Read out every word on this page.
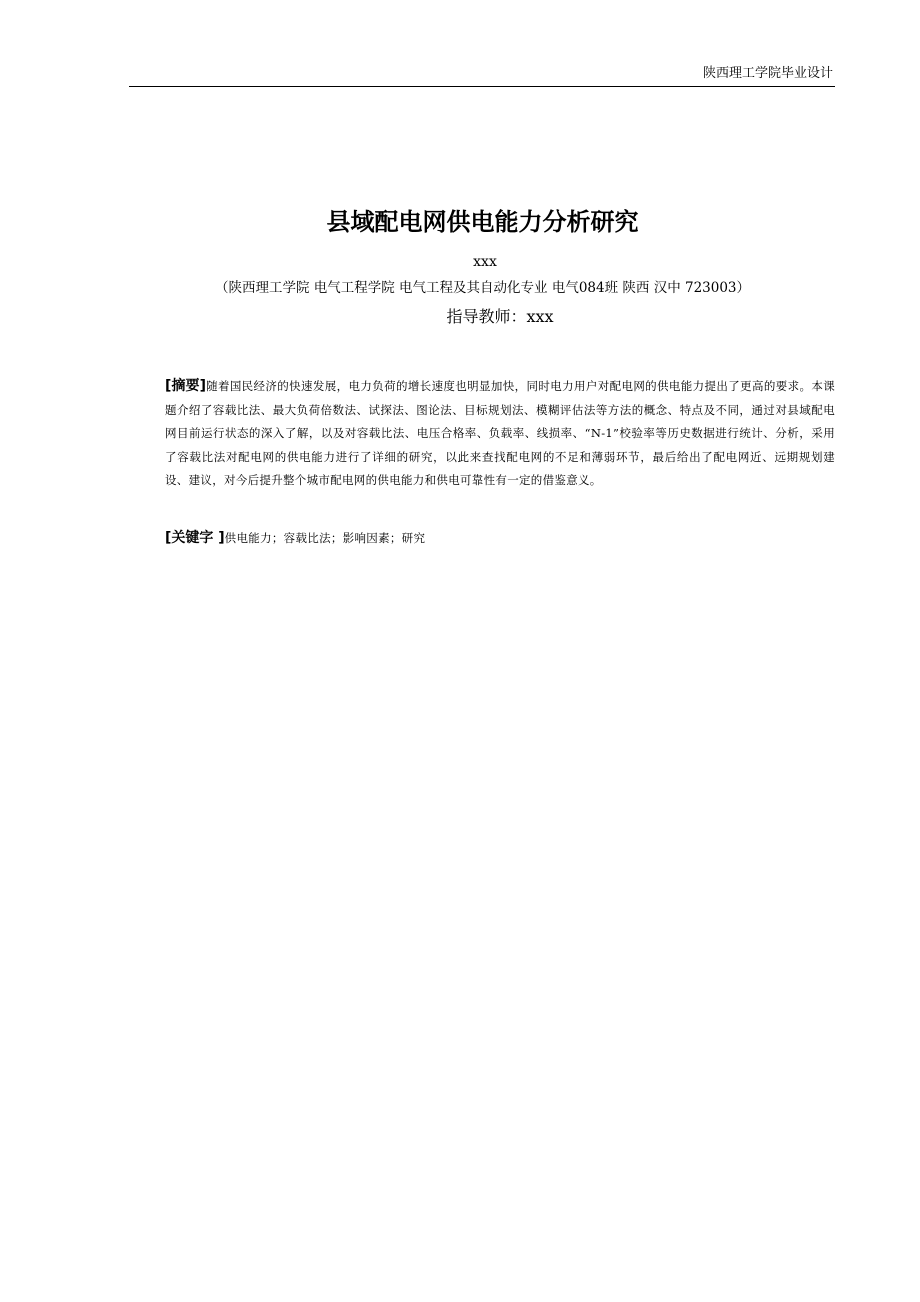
陕西理工学院毕业设计
县域配电网供电能力分析研究
xxx
（陕西理工学院 电气工程学院 电气工程及其自动化专业 电气084班 陕西 汉中 723003）
指导教师：xxx
[摘要]随着国民经济的快速发展，电力负荷的增长速度也明显加快，同时电力用户对配电网的供电能力提出了更高的要求。本课题介绍了容载比法、最大负荷倍数法、试探法、图论法、目标规划法、模糊评估法等方法的概念、特点及不同，通过对县域配电网目前运行状态的深入了解，以及对容载比法、电压合格率、负载率、线损率、“N-1”校验率等历史数据进行统计、分析，采用了容载比法对配电网的供电能力进行了详细的研究，以此来查找配电网的不足和薄弱环节，最后给出了配电网近、远期规划建设、建议，对今后提升整个城市配电网的供电能力和供电可靠性有一定的借鉴意义。
[关键字 ]供电能力；容载比法；影响因素；研究
